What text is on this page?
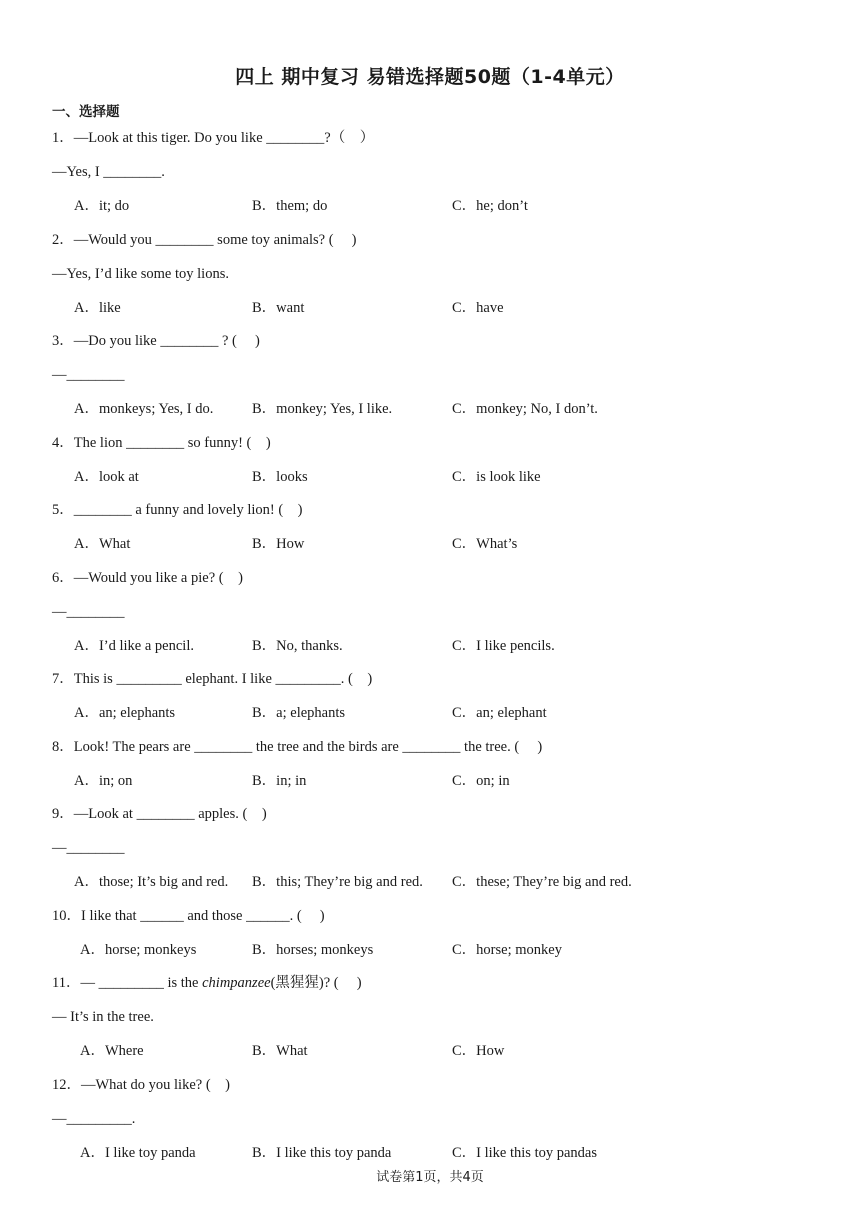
四上 期中复习 易错选择题50题（1-4单元）
一、选择题
1．—Look at this tiger. Do you like ________?（　）
—Yes, I ________.
A．it; do	B．them; do	C．he; don’t
2．—Would you ________ some toy animals? (　 )
—Yes, I’d like some toy lions.
A．like	B．want	C．have
3．—Do you like ________ ? (　 )
—________
A．monkeys; Yes, I do.	B．monkey; Yes, I like.	C．monkey; No, I don’t.
4．The lion ________ so funny! (　)
A．look at	B．looks	C．is look like
5．________ a funny and lovely lion! (　)
A．What	B．How	C．What’s
6．—Would you like a pie? (　)
—________
A．I’d like a pencil.	B．No, thanks.	C．I like pencils.
7．This is _________ elephant. I like _________. (　)
A．an; elephants	B．a; elephants	C．an; elephant
8．Look! The pears are ________ the tree and the birds are ________ the tree. (　 )
A．in; on	B．in; in	C．on; in
9．—Look at ________ apples. (　)
—________
A．those; It’s big and red. B．this; They’re big and red. C．these; They’re big and red.
10．I like that ______ and those ______. (　 )
A．horse; monkeys	B．horses; monkeys	C．horse; monkey
11．— _________ is the chimpanzee(黑猩猩)? (　 )
— It’s in the tree.
A．Where	B．What	C．How
12．—What do you like? (　)
—_________.
A．I like toy panda	B．I like this toy panda	C．I like this toy pandas
试卷第1页，共4页
